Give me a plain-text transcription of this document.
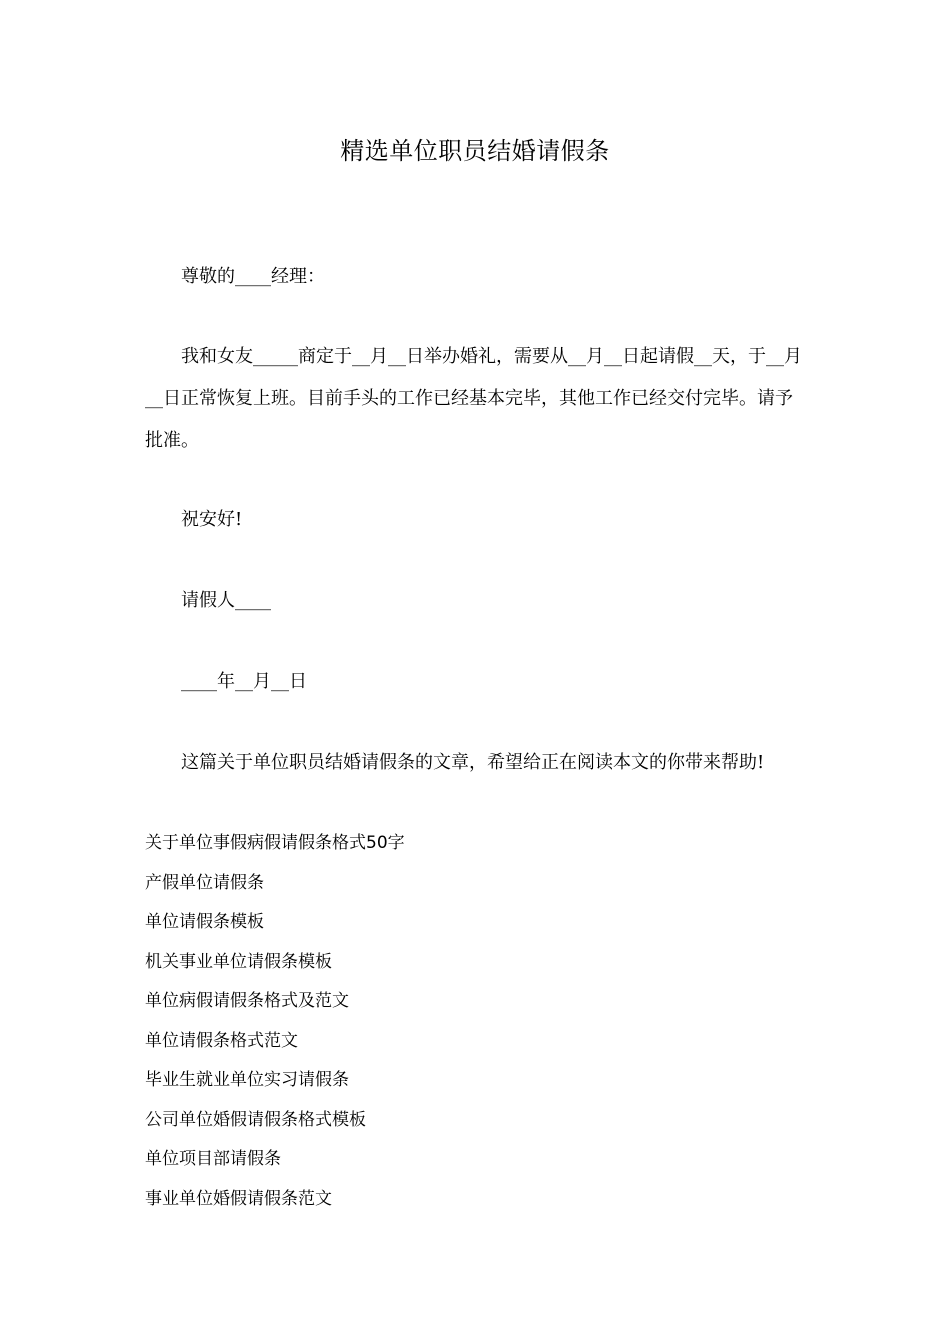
精选单位职员结婚请假条
尊敬的____经理：
我和女友_____商定于__月__日举办婚礼，需要从__月__日起请假__天，于__月__日正常恢复上班。目前手头的工作已经基本完毕，其他工作已经交付完毕。请予批准。
祝安好!
请假人____
____年__月__日
这篇关于单位职员结婚请假条的文章，希望给正在阅读本文的你带来帮助!
关于单位事假病假请假条格式50字
产假单位请假条
单位请假条模板
机关事业单位请假条模板
单位病假请假条格式及范文
单位请假条格式范文
毕业生就业单位实习请假条
公司单位婚假请假条格式模板
单位项目部请假条
事业单位婚假请假条范文
